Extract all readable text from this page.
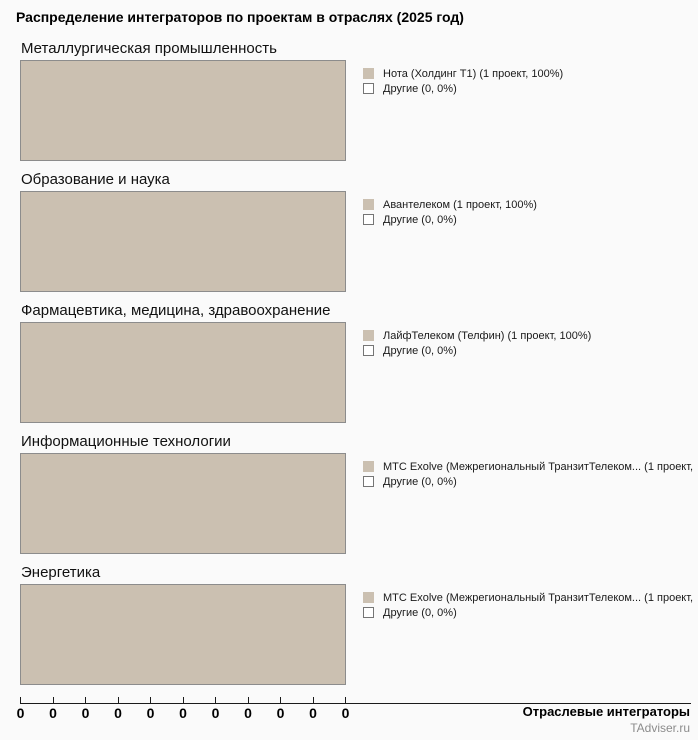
Распределение интеграторов по проектам в отраслях (2025 год)
Металлургическая промышленность
Нота (Холдинг Т1) (1 проект, 100%)
Другие (0, 0%)
Образование и наука
Авантелеком (1 проект, 100%)
Другие (0, 0%)
Фармацевтика, медицина, здравоохранение
ЛайфТелеком (Телфин) (1 проект, 100%)
Другие (0, 0%)
Информационные технологии
МТС Exolve (Межрегиональный ТранзитТелеком... (1 проект,
Другие (0, 0%)
Энергетика
МТС Exolve (Межрегиональный ТранзитТелеком... (1 проект,
Другие (0, 0%)
0	0	0	0	0	0	0	0	0	0	0	Отраслевые интеграторы
TAdviser.ru
